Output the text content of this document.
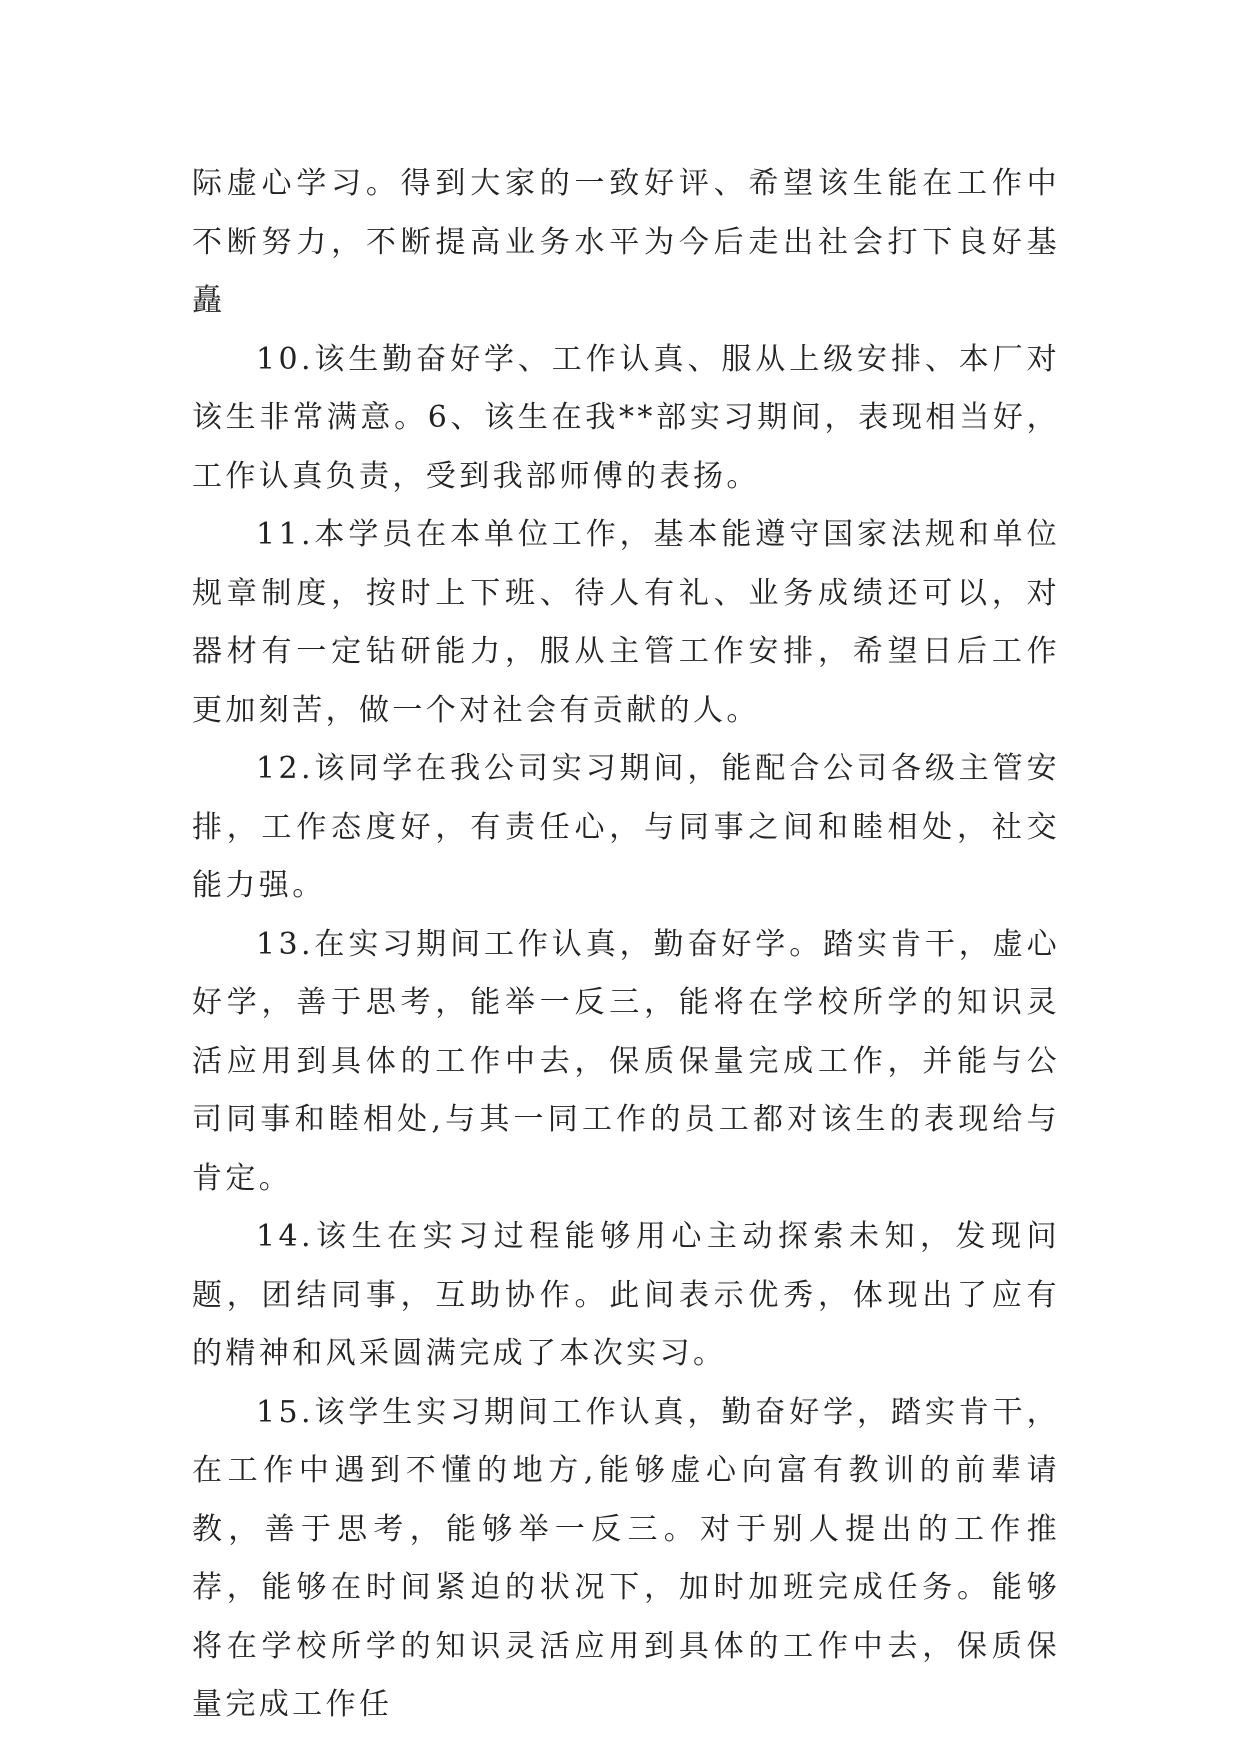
际虚心学习。得到大家的一致好评、希望该生能在工作中不断努力，不断提高业务水平为今后走出社会打下良好基矗

10.该生勤奋好学、工作认真、服从上级安排、本厂对该生非常满意。6、该生在我**部实习期间，表现相当好，工作认真负责，受到我部师傅的表扬。

11.本学员在本单位工作，基本能遵守国家法规和单位规章制度，按时上下班、待人有礼、业务成绩还可以，对器材有一定钻研能力，服从主管工作安排，希望日后工作更加刻苦，做一个对社会有贡献的人。

12.该同学在我公司实习期间，能配合公司各级主管安排，工作态度好，有责任心，与同事之间和睦相处，社交能力强。

13.在实习期间工作认真，勤奋好学。踏实肯干，虚心好学，善于思考，能举一反三，能将在学校所学的知识灵活应用到具体的工作中去，保质保量完成工作，并能与公司同事和睦相处,与其一同工作的员工都对该生的表现给与肯定。

14.该生在实习过程能够用心主动探索未知，发现问题，团结同事，互助协作。此间表示优秀，体现出了应有的精神和风采圆满完成了本次实习。

15.该学生实习期间工作认真，勤奋好学，踏实肯干，在工作中遇到不懂的地方,能够虚心向富有教训的前辈请教，善于思考，能够举一反三。对于别人提出的工作推荐，能够在时间紧迫的状况下，加时加班完成任务。能够将在学校所学的知识灵活应用到具体的工作中去，保质保量完成工作任
